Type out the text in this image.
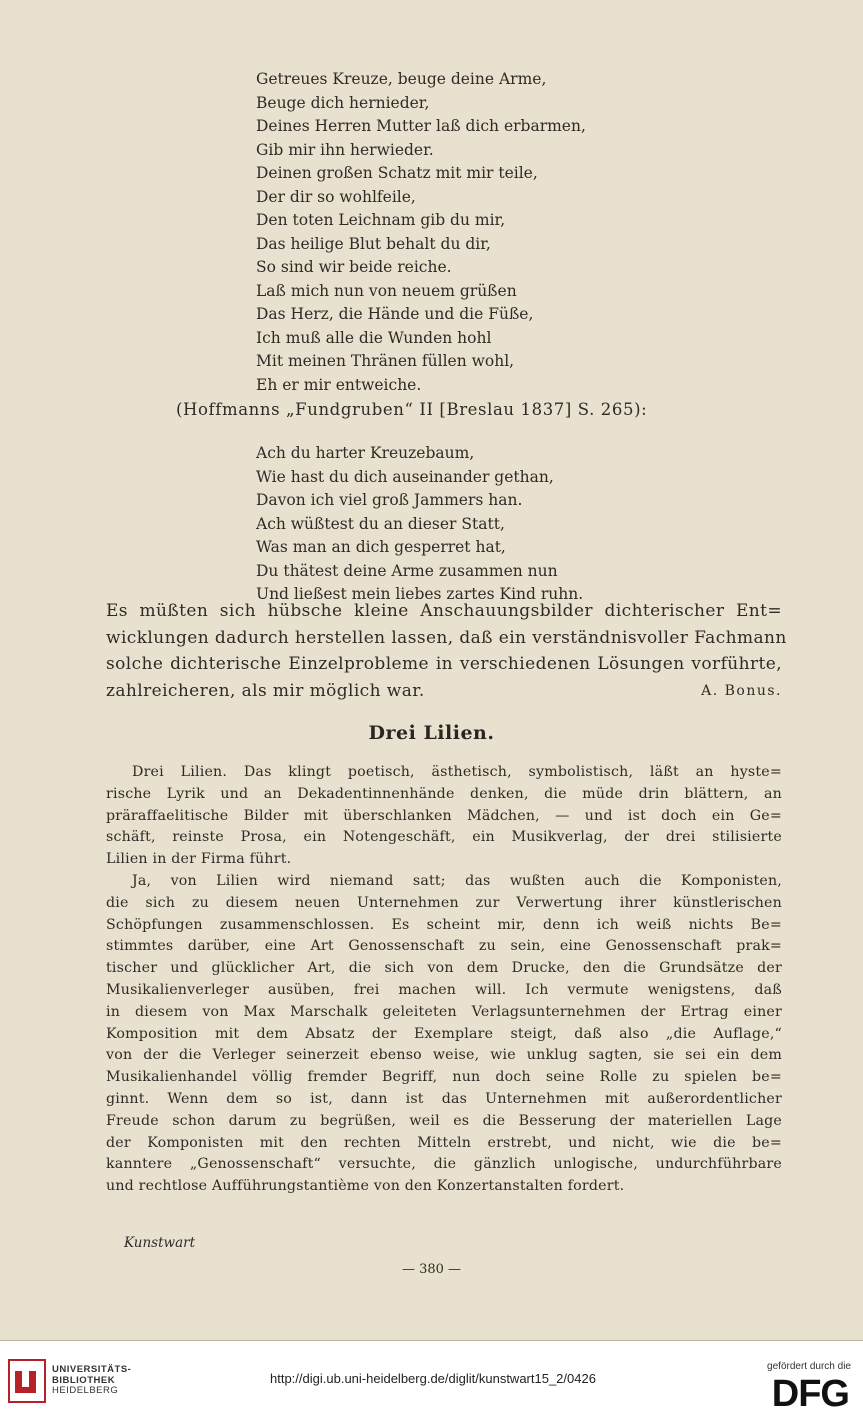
Getreues Kreuze, beuge deine Arme,
Beuge dich hernieder,
Deines Herren Mutter laß dich erbarmen,
Gib mir ihn herwieder.
Deinen großen Schatz mit mir teile,
Der dir so wohlfeile,
Den toten Leichnam gib du mir,
Das heilige Blut behalt du dir,
So sind wir beide reiche.
Laß mich nun von neuem grüßen
Das Herz, die Hände und die Füße,
Ich muß alle die Wunden hohl
Mit meinen Thränen füllen wohl,
Eh er mir entweiche.
(Hoffmanns „Fundgruben“ II [Breslau 1837] S. 265):
Ach du harter Kreuzebaum,
Wie hast du dich auseinander gethan,
Davon ich viel groß Jammers han.
Ach wüßtest du an dieser Statt,
Was man an dich gesperret hat,
Du thätest deine Arme zusammen nun
Und ließest mein liebes zartes Kind ruhn.
Es müßten sich hübsche kleine Anschauungsbilder dichterischer Ent=
wicklungen dadurch herstellen lassen, daß ein verständnisvoller Fachmann
solche dichterische Einzelprobleme in verschiedenen Lösungen vorführte,
zahlreicheren, als mir möglich war.	A. Bonus.
Drei Lilien.
Drei Lilien. Das klingt poetisch, ästhetisch, symbolistisch, läßt an hyste=
rische Lyrik und an Dekadentinnenhände denken, die müde drin blättern, an
präraffaelitische Bilder mit überschlanken Mädchen, — und ist doch ein Ge=
schäft, reinste Prosa, ein Notengeschäft, ein Musikverlag, der drei stilisierte
Lilien in der Firma führt.
Ja, von Lilien wird niemand satt; das wußten auch die Komponisten,
die sich zu diesem neuen Unternehmen zur Verwertung ihrer künstlerischen
Schöpfungen zusammenschlossen. Es scheint mir, denn ich weiß nichts Be=
stimmtes darüber, eine Art Genossenschaft zu sein, eine Genossenschaft prak=
tischer und glücklicher Art, die sich von dem Drucke, den die Grundsätze der
Musikalienverleger ausüben, frei machen will. Ich vermute wenigstens, daß
in diesem von Max Marschalk geleiteten Verlagsunternehmen der Ertrag einer
Komposition mit dem Absatz der Exemplare steigt, daß also „die Auflage,“
von der die Verleger seinerzeit ebenso weise, wie unklug sagten, sie sei ein dem
Musikalienhandel völlig fremder Begriff, nun doch seine Rolle zu spielen be=
ginnt. Wenn dem so ist, dann ist das Unternehmen mit außerordentlicher
Freude schon darum zu begrüßen, weil es die Besserung der materiellen Lage
der Komponisten mit den rechten Mitteln erstrebt, und nicht, wie die be=
kanntere „Genossenschaft“ versuchte, die gänzlich unlogische, undurchführbare
und rechtlose Aufführungstantième von den Konzertanstalten fordert.
Kunstwart
— 380 —
UNIVERSITÄTS-
BIBLIOTHEK
HEIDELBERG
http://digi.ub.uni-heidelberg.de/diglit/kunstwart15_2/0426
gefördert durch die
DFG
